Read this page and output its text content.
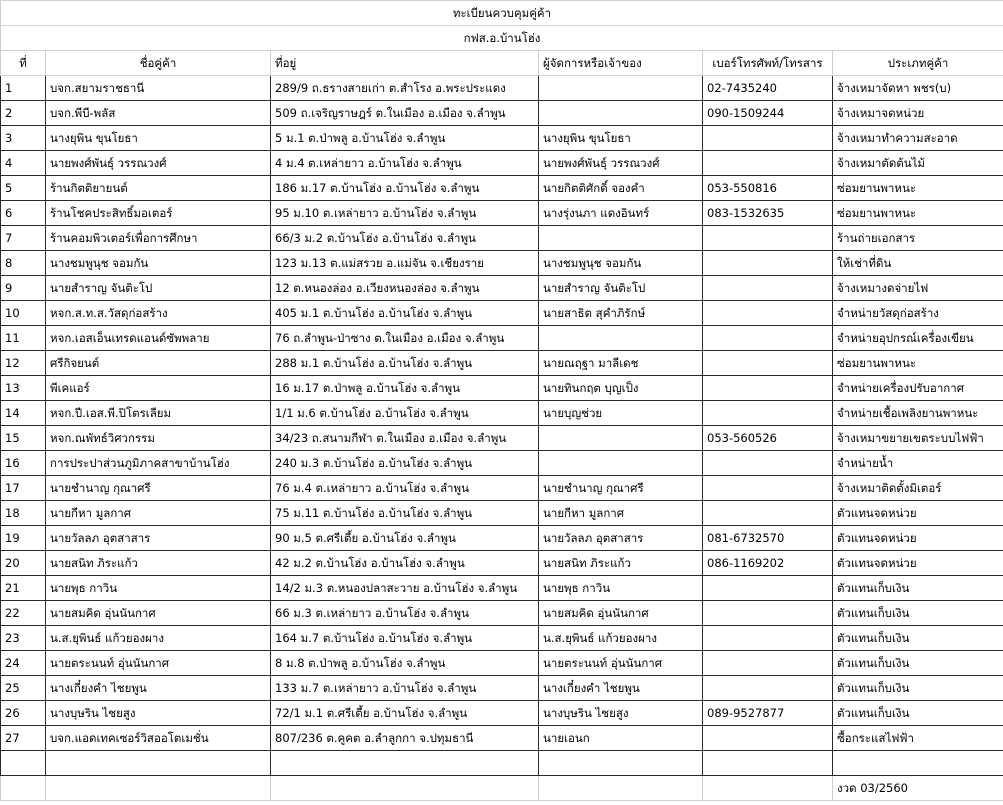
ทะเบียนควบคุมคู่ค้า					
กฟส.อ.บ้านโฮ่ง					
ที่	ชื่อคู่ค้า	ที่อยู่	ผู้จัดการหรือเจ้าของ	เบอร์โทรศัพท์/โทรสาร	ประเภทคู่ค้า
1	บจก.สยามราชธานี	289/9 ถ.ธรางสายเก่า ต.สำโรง อ.พระประแดง		02-7435240	จ้างเหมาจัดหา พชร(บ)
2	บจก.พีบี-พลัส	509 ถ.เจริญราษฎร์ ต.ในเมือง อ.เมือง จ.ลำพูน		090-1509244	จ้างเหมาจดหน่วย
3	นางยุพิน ขุนโยธา	5 ม.1 ต.ป่าพลู อ.บ้านโฮ่ง จ.ลำพูน	นางยุพิน ขุนโยธา		จ้างเหมาทำความสะอาด
4	นายพงศ์พันธุ์ วรรณวงศ์	4 ม.4 ต.เหล่ายาว อ.บ้านโฮ่ง จ.ลำพูน	นายพงศ์พันธุ์ วรรณวงศ์		จ้างเหมาตัดต้นไม้
5	ร้านกิตติยายนต์	186 ม.17 ต.บ้านโฮ่ง อ.บ้านโฮ่ง จ.ลำพูน	นายกิตติศักดิ์ จองคำ	053-550816	ซ่อมยานพาหนะ
6	ร้านโชคประสิทธิ์มอเตอร์	95 ม.10 ต.เหล่ายาว อ.บ้านโฮ่ง จ.ลำพูน	นางรุ่งนภา แดงอินทร์	083-1532635	ซ่อมยานพาหนะ
7	ร้านคอมพิวเตอร์เพื่อการศึกษา	66/3 ม.2 ต.บ้านโฮ่ง อ.บ้านโฮ่ง จ.ลำพูน			ร้านถ่ายเอกสาร
8	นางชมพูนุช จอมกัน	123 ม.13 ต.แม่สรวย อ.แม่จัน จ.เชียงราย	นางชมพูนุช จอมกัน		ให้เช่าที่ดิน
9	นายสำราญ จันติะโป	12 ต.หนองล่อง อ.เวียงหนองล่อง จ.ลำพูน	นายสำราญ จันติะโป		จ้างเหมางดจ่ายไฟ
10	หจก.ส.ท.ส.วัสดุก่อสร้าง	405 ม.1 ต.บ้านโฮ่ง อ.บ้านโฮ่ง จ.ลำพูน	นายสาธิต สุคำภิรักษ์		จำหน่ายวัสดุก่อสร้าง
11	หจก.เอสเอ็นเทรดแอนด์ซัพพลาย	76 ถ.ลำพูน-ป่าซาง ต.ในเมือง อ.เมือง จ.ลำพูน			จำหน่ายอุปกรณ์เครื่องเขียน
12	ศรีกิจยนต์	288 ม.1 ต.บ้านโฮ่ง อ.บ้านโฮ่ง จ.ลำพูน	นายณฤฐา มาลีเดช		ซ่อมยานพาหนะ
13	พีเคแอร์	16 ม.17 ต.ป่าพลู อ.บ้านโฮ่ง จ.ลำพูน	นายทินกฤต บุญเป็ง		จำหน่ายเครื่องปรับอากาศ
14	หจก.ปี.เอส.พี.ปิโตรเลียม	1/1 ม.6 ต.บ้านโฮ่ง อ.บ้านโฮ่ง จ.ลำพูน	นายบุญช่วย		จำหน่ายเชื้อเพลิงยานพาหนะ
15	หจก.ณพัทธ์วิศวกรรม	34/23 ถ.สนามกีฬา ต.ในเมือง อ.เมือง จ.ลำพูน		053-560526	จ้างเหมาขยายเขตระบบไฟฟ้า
16	การประปาส่วนภูมิภาคสาขาบ้านโฮ่ง	240 ม.3 ต.บ้านโฮ่ง อ.บ้านโฮ่ง จ.ลำพูน			จำหน่ายน้ำ
17	นายชำนาญ กุณาศรี	76 ม.4 ต.เหล่ายาว อ.บ้านโฮ่ง จ.ลำพูน	นายชำนาญ กุณาศรี		จ้างเหมาติดตั้งมิเตอร์
18	นายกีหา มูลกาศ	75 ม.11 ต.บ้านโฮ่ง อ.บ้านโฮ่ง จ.ลำพูน	นายกีหา มูลกาศ		ตัวแทนจดหน่วย
19	นายวัลลภ อุตสาสาร	90 ม.5 ต.ศรีเตี้ย อ.บ้านโฮ่ง จ.ลำพูน	นายวัลลภ อุตสาสาร	081-6732570	ตัวแทนจดหน่วย
20	นายสนิท ภิระแก้ว	42 ม.2 ต.บ้านโฮ่ง อ.บ้านโฮ่ง จ.ลำพูน	นายสนิท ภิระแก้ว	086-1169202	ตัวแทนจดหน่วย
21	นายพุธ กาวิน	14/2 ม.3 ต.หนองปลาสะวาย อ.บ้านโฮ่ง จ.ลำพูน	นายพุธ กาวิน		ตัวแทนเก็บเงิน
22	นายสมคิด อุ่นนันกาศ	66 ม.3 ต.เหล่ายาว อ.บ้านโฮ่ง จ.ลำพูน	นายสมคิด อุ่นนันกาศ		ตัวแทนเก็บเงิน
23	น.ส.ยุพินธ์ แก้วยองผาง	164 ม.7 ต.บ้านโฮ่ง อ.บ้านโฮ่ง จ.ลำพูน	น.ส.ยุพินธ์ แก้วยองผาง		ตัวแทนเก็บเงิน
24	นายตระนนท์ อุ่นนันกาศ	8 ม.8 ต.ป่าพลู อ.บ้านโฮ่ง จ.ลำพูน	นายตระนนท์ อุ่นนันกาศ		ตัวแทนเก็บเงิน
25	นางเกี๋ยงคำ ไชยพูน	133 ม.7 ต.เหล่ายาว อ.บ้านโฮ่ง จ.ลำพูน	นางเกี๋ยงคำ ไชยพูน		ตัวแทนเก็บเงิน
26	นางบุษริน ไชยสูง	72/1 ม.1 ต.ศรีเตี้ย อ.บ้านโฮ่ง จ.ลำพูน	นางบุษริน ไชยสูง	089-9527877	ตัวแทนเก็บเงิน
27	บจก.แอดเทคเซอร์วิสออโตเมชั่น	807/236 ต.คูคต อ.ลำลูกกา จ.ปทุมธานี	นายเอนก		ซื้อกระแสไฟฟ้า

					งวด 03/2560
